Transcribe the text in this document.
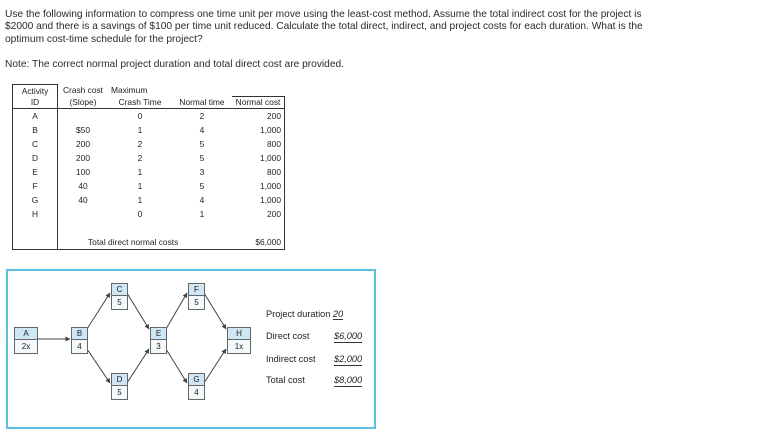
Use the following information to compress one time unit per move using the least-cost method. Assume the total indirect cost for the project is $2000 and there is a savings of $100 per time unit reduced. Calculate the total direct, indirect, and project costs for each duration. What is the optimum cost-time schedule for the project?
Note: The correct normal project duration and total direct cost are provided.
Activity	Crash cost	Maximum		
ID	(Slope)	Crash Time	Normal time	Normal cost
A		0	2	200
B	$50	1	4	1,000
C	200	2	5	800
D	200	2	5	1,000
E	100	1	3	800
F	40	1	5	1,000
G	40	1	4	1,000
H		0	1	200

	Total direct normal costs			$6,000
A
2x
B
4
C
5
D
5
E
3
F
5
G
4
H
1x
Project duration 20
Direct cost	$6,000
Indirect cost $2,000
Total cost	$8,000
